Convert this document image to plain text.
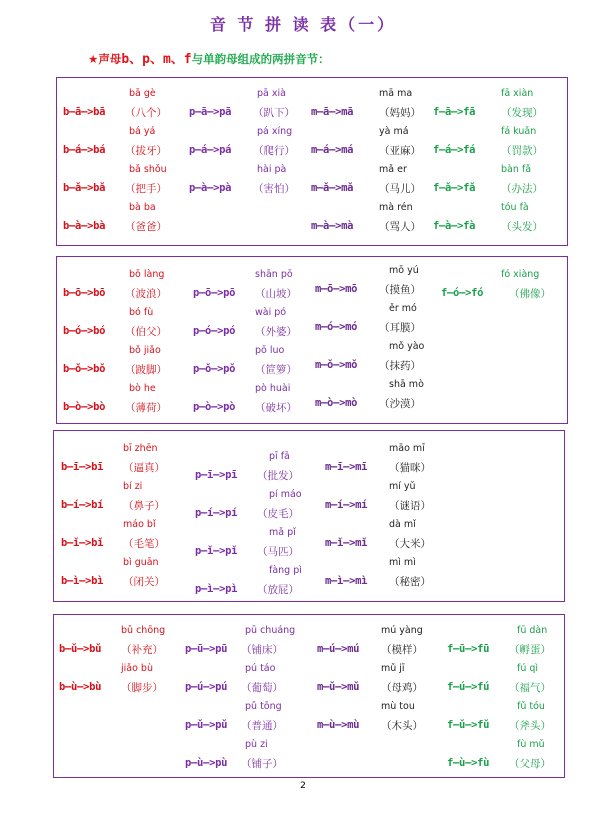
音 节 拼 读 表（一）
★声母b、p、m、f与单韵母组成的两拼音节：
bā gè
b—ā—>bā （八个）
bá yá
b—á—>bá （拔牙）
bǎ shǒu
b—ǎ—>bǎ （把手）
bà ba
b—à—>bà （爸爸）
pā xià
p—ā—>pā （趴下）
pá xíng
p—á—>pá （爬行）
hài pà
p—à—>pà （害怕）
mā ma
m—ā—>mā （妈妈）
yà má
m—á—>má （亚麻）
mǎ er
m—ǎ—>mǎ （马儿）
mà rén
m—à—>mà （骂人）
fā xiàn
f—ā—>fā （发现）
fá kuǎn
f—á—>fá （罚款）
bàn fǎ
f—ǎ—>fǎ （办法）
tóu fà
f—à—>fà （头发）
bō làng
b—ō—>bō （波浪）
bó fù
b—ó—>bó （伯父）
bǒ jiǎo
b—ǒ—>bǒ （跛脚）
bò he
b—ò—>bò （薄荷）
shān pō
p—ō—>pō （山坡）
wài pó
p—ó—>pó （外婆）
pō luo
p—ǒ—>pǒ （笸箩）
pò huài
p—ò—>pò （破坏）
mō yú
m—ō—>mō （摸鱼）
ěr mó
m—ó—>mó （耳膜）
mǒ yào
m—ǒ—>mǒ （抹药）
shā mò
m—ò—>mò （沙漠）
fó xiàng
f—ó—>fó （佛像）
bī zhēn
b—ī—>bī （逼真）
bí zi
b—í—>bí （鼻子）
máo bǐ
b—ǐ—>bǐ （毛笔）
bì guān
b—ì—>bì （闭关）
pī fā
p—ī—>pī （批发）
pí máo
p—í—>pí （皮毛）
mǎ pǐ
p—ǐ—>pǐ （马匹）
fàng pì
p—ì—>pì （放屁）
māo mī
m—ī—>mī （猫咪）
mí yǔ
m—í—>mí （谜语）
dà mǐ
m—ǐ—>mǐ （大米）
mì mì
m—ì—>mì （秘密）
bǔ chōng
b—ǔ—>bǔ （补充）
jiǎo bù
b—ù—>bù （脚步）
pū chuáng
p—ū—>pū （铺床）
pú táo
p—ú—>pú （葡萄）
pǔ tōng
p—ǔ—>pǔ （普通）
pù zi
p—ù—>pù （铺子）
mú yàng
m—ú—>mú （模样）
mǔ jī
m—ǔ—>mǔ （母鸡）
mù tou
m—ù—>mù （木头）
fū dàn
f—ū—>fū （孵蛋）
fú qì
f—ú—>fú （福气）
fǔ tóu
f—ǔ—>fǔ （斧头）
fù mǔ
f—ù—>fù （父母）
2
